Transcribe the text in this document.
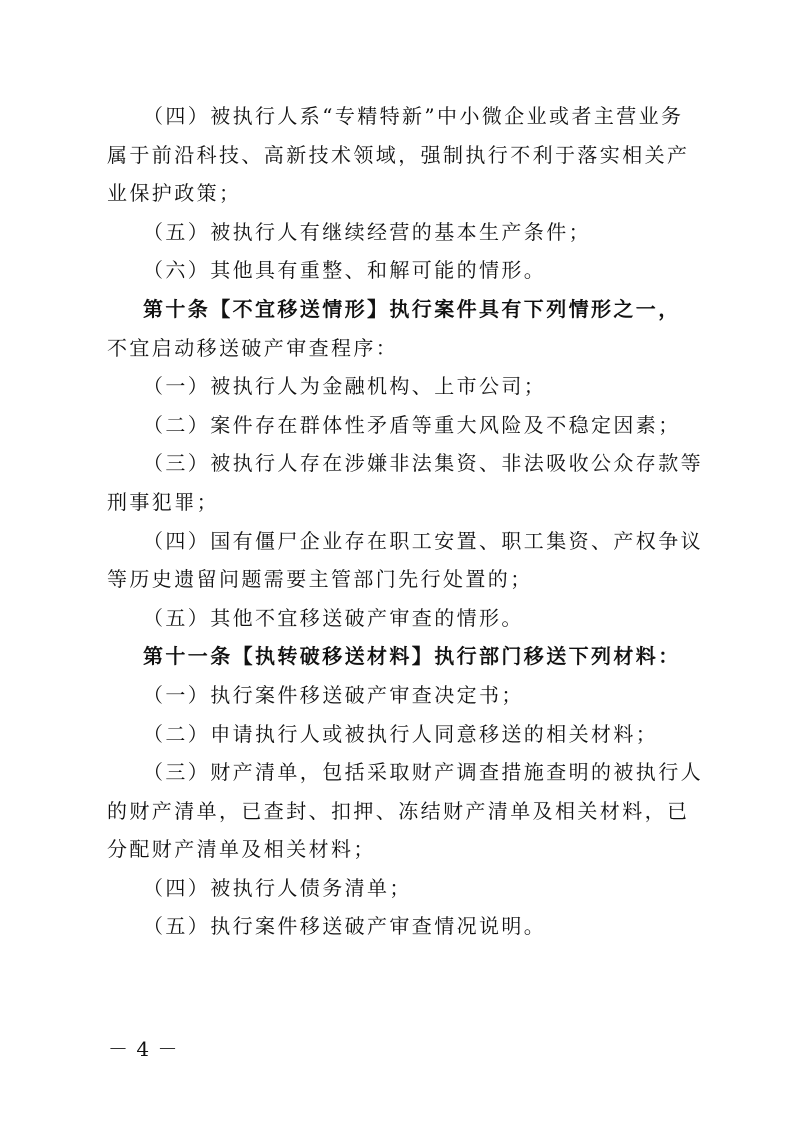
（四）被执行人系“专精特新”中小微企业或者主营业务
属于前沿科技、高新技术领域，强制执行不利于落实相关产
业保护政策；
（五）被执行人有继续经营的基本生产条件；
（六）其他具有重整、和解可能的情形。
第十条【不宜移送情形】执行案件具有下列情形之一，
不宜启动移送破产审查程序：
（一）被执行人为金融机构、上市公司；
（二）案件存在群体性矛盾等重大风险及不稳定因素；
（三）被执行人存在涉嫌非法集资、非法吸收公众存款等
刑事犯罪；
（四）国有僵尸企业存在职工安置、职工集资、产权争议
等历史遗留问题需要主管部门先行处置的；
（五）其他不宜移送破产审查的情形。
第十一条【执转破移送材料】执行部门移送下列材料：
（一）执行案件移送破产审查决定书；
（二）申请执行人或被执行人同意移送的相关材料；
（三）财产清单，包括采取财产调查措施查明的被执行人
的财产清单，已查封、扣押、冻结财产清单及相关材料，已
分配财产清单及相关材料；
（四）被执行人债务清单；
（五）执行案件移送破产审查情况说明。
－ 4 －
